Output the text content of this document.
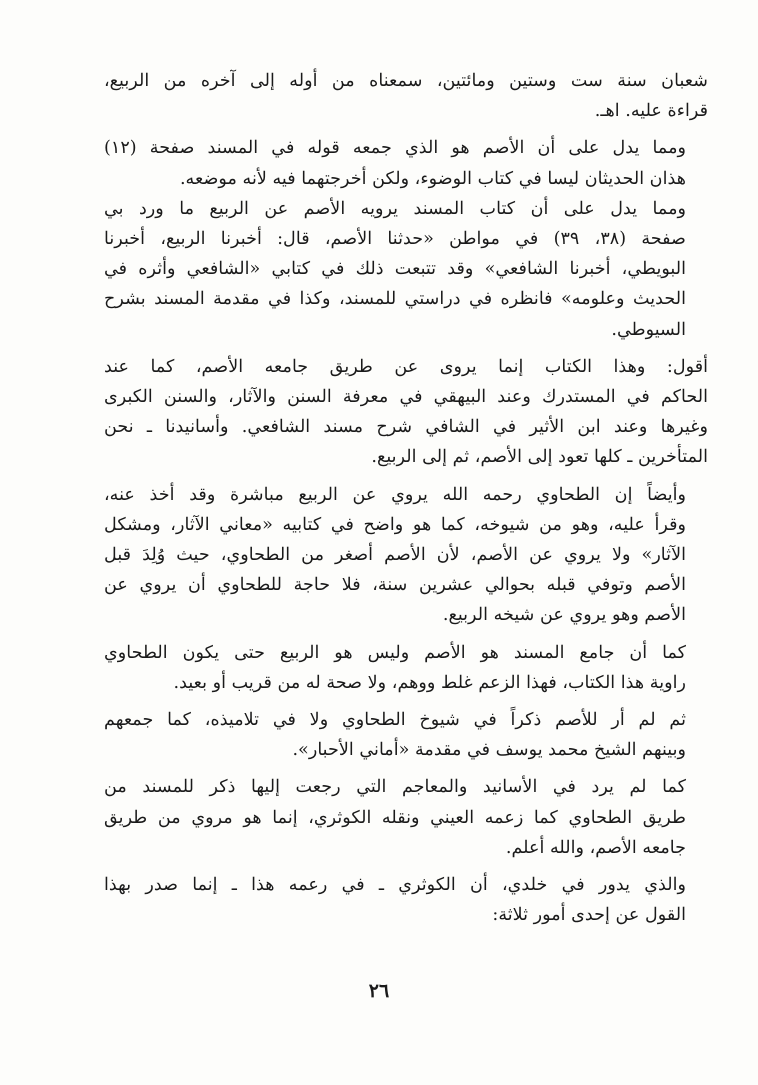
شعبان سنة ست وستين ومائتين، سمعناه من أوله إلى آخره من الربيع،
قراءة عليه. اهـ.

ومما يدل على أن الأصم هو الذي جمعه قوله في المسند صفحة (١٢)
هذان الحديثان ليسا في كتاب الوضوء، ولكن أخرجتهما فيه لأنه موضعه.

ومما يدل على أن كتاب المسند يرويه الأصم عن الربيع ما ورد بي
صفحة (٣٨، ٣٩) في مواطن «حدثنا الأصم، قال: أخبرنا الربيع، أخبرنا
البويطي، أخبرنا الشافعي» وقد تتبعت ذلك في كتابي «الشافعي وأثره في
الحديث وعلومه» فانظره في دراستي للمسند، وكذا في مقدمة المسند بشرح
السيوطي.

أقول: وهذا الكتاب إنما يروى عن طريق جامعه الأصم، كما عند
الحاكم في المستدرك وعند البيهقي في معرفة السنن والآثار، والسنن الكبرى
وغيرها وعند ابن الأثير في الشافي شرح مسند الشافعي. وأسانيدنا ـ نحن
المتأخرين ـ كلها تعود إلى الأصم، ثم إلى الربيع.

وأيضاً إن الطحاوي رحمه الله يروي عن الربيع مباشرة وقد أخذ عنه،
وقرأ عليه، وهو من شيوخه، كما هو واضح في كتابيه «معاني الآثار، ومشكل
الآثار» ولا يروي عن الأصم، لأن الأصم أصغر من الطحاوي، حيث وُلِدَ قبل
الأصم وتوفي قبله بحوالي عشرين سنة، فلا حاجة للطحاوي أن يروي عن
الأصم وهو يروي عن شيخه الربيع.

كما أن جامع المسند هو الأصم وليس هو الربيع حتى يكون الطحاوي
راوية هذا الكتاب، فهذا الزعم غلط ووهم، ولا صحة له من قريب أو بعيد.

ثم لم أر للأصم ذكراً في شيوخ الطحاوي ولا في تلاميذه، كما جمعهم
وبينهم الشيخ محمد يوسف في مقدمة «أماني الأحبار».

كما لم يرد في الأسانيد والمعاجم التي رجعت إليها ذكر للمسند من
طريق الطحاوي كما زعمه العيني ونقله الكوثري، إنما هو مروي من طريق
جامعه الأصم، والله أعلم.

والذي يدور في خلدي، أن الكوثري ـ في رعمه هذا ـ إنما صدر بهذا
القول عن إحدى أمور ثلاثة:

٢٦
